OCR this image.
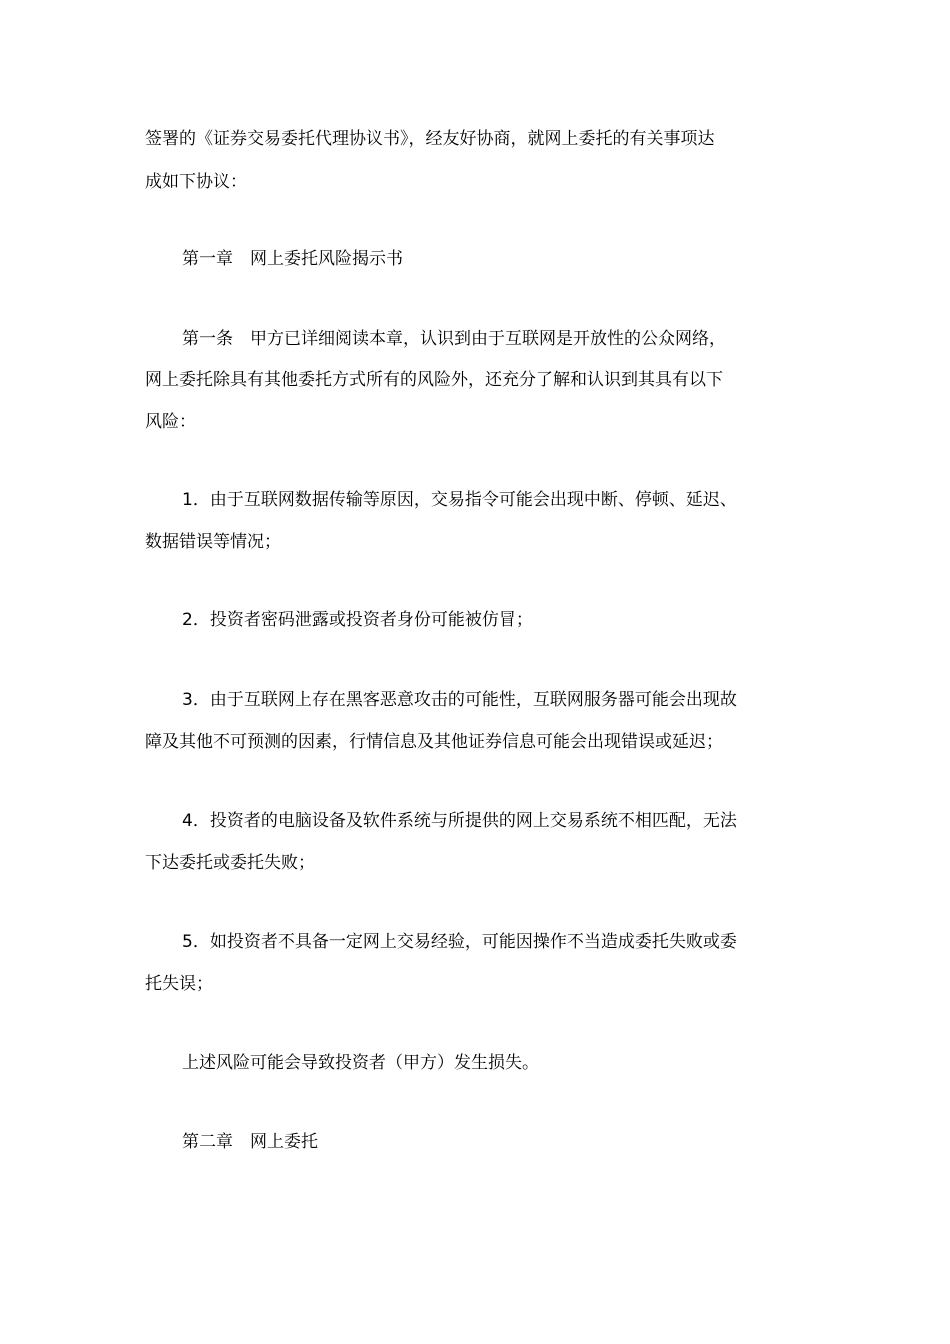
签署的《证券交易委托代理协议书》，经友好协商，就网上委托的有关事项达
成如下协议：
第一章　网上委托风险揭示书
第一条　甲方已详细阅读本章，认识到由于互联网是开放性的公众网络，
网上委托除具有其他委托方式所有的风险外，还充分了解和认识到其具有以下
风险：
1．由于互联网数据传输等原因，交易指令可能会出现中断、停顿、延迟、
数据错误等情况；
2．投资者密码泄露或投资者身份可能被仿冒；
3．由于互联网上存在黑客恶意攻击的可能性，互联网服务器可能会出现故
障及其他不可预测的因素，行情信息及其他证券信息可能会出现错误或延迟；
4．投资者的电脑设备及软件系统与所提供的网上交易系统不相匹配，无法
下达委托或委托失败；
5．如投资者不具备一定网上交易经验，可能因操作不当造成委托失败或委
托失误；
上述风险可能会导致投资者（甲方）发生损失。
第二章　网上委托
